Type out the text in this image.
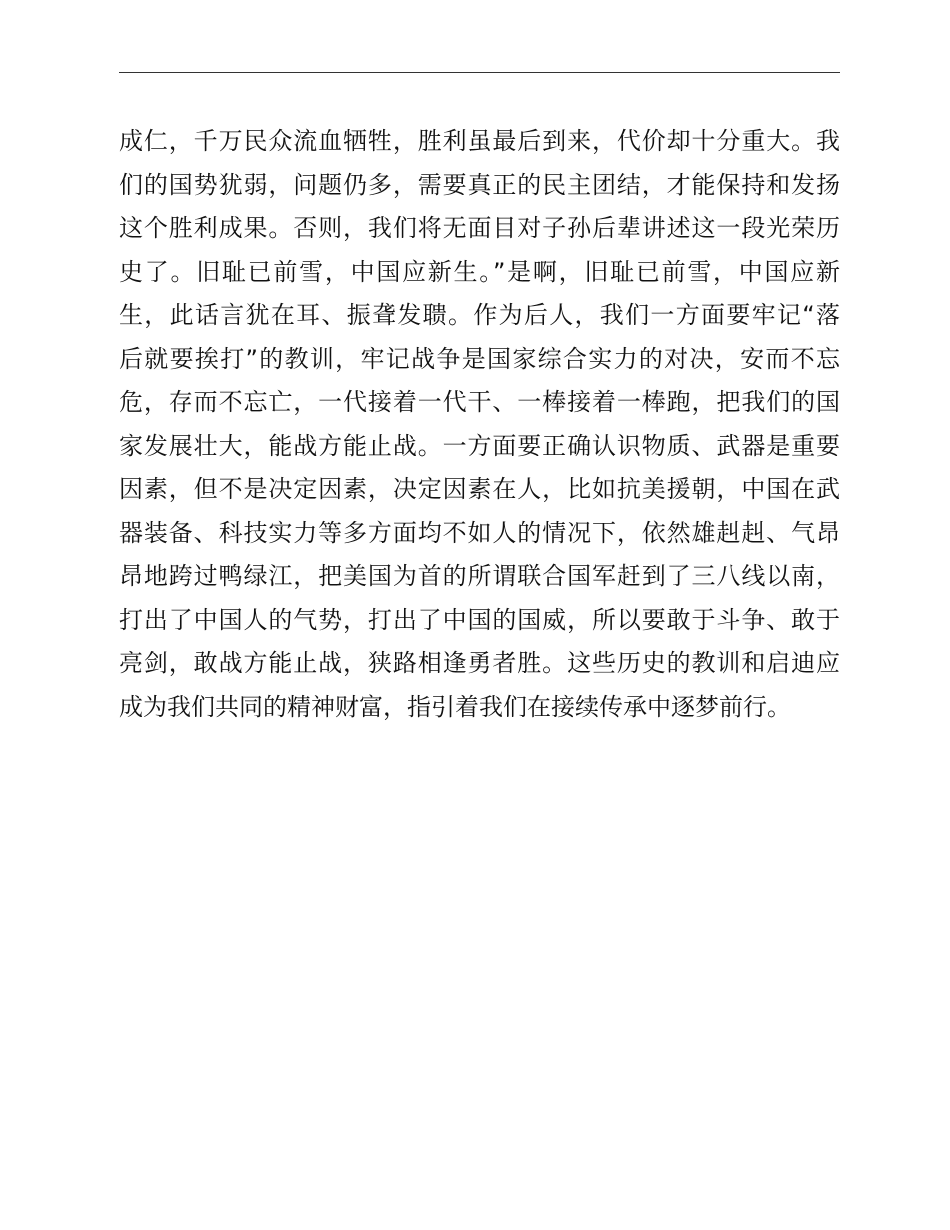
成仁，千万民众流血牺牲，胜利虽最后到来，代价却十分重大。我
们的国势犹弱，问题仍多，需要真正的民主团结，才能保持和发扬
这个胜利成果。否则，我们将无面目对子孙后辈讲述这一段光荣历
史了。旧耻已前雪，中国应新生。”是啊，旧耻已前雪，中国应新
生，此话言犹在耳、振聋发聩。作为后人，我们一方面要牢记“落
后就要挨打”的教训，牢记战争是国家综合实力的对决，安而不忘
危，存而不忘亡，一代接着一代干、一棒接着一棒跑，把我们的国
家发展壮大，能战方能止战。一方面要正确认识物质、武器是重要
因素，但不是决定因素，决定因素在人，比如抗美援朝，中国在武
器装备、科技实力等多方面均不如人的情况下，依然雄赳赳、气昂
昂地跨过鸭绿江，把美国为首的所谓联合国军赶到了三八线以南，
打出了中国人的气势，打出了中国的国威，所以要敢于斗争、敢于
亮剑，敢战方能止战，狭路相逢勇者胜。这些历史的教训和启迪应
成为我们共同的精神财富，指引着我们在接续传承中逐梦前行。
